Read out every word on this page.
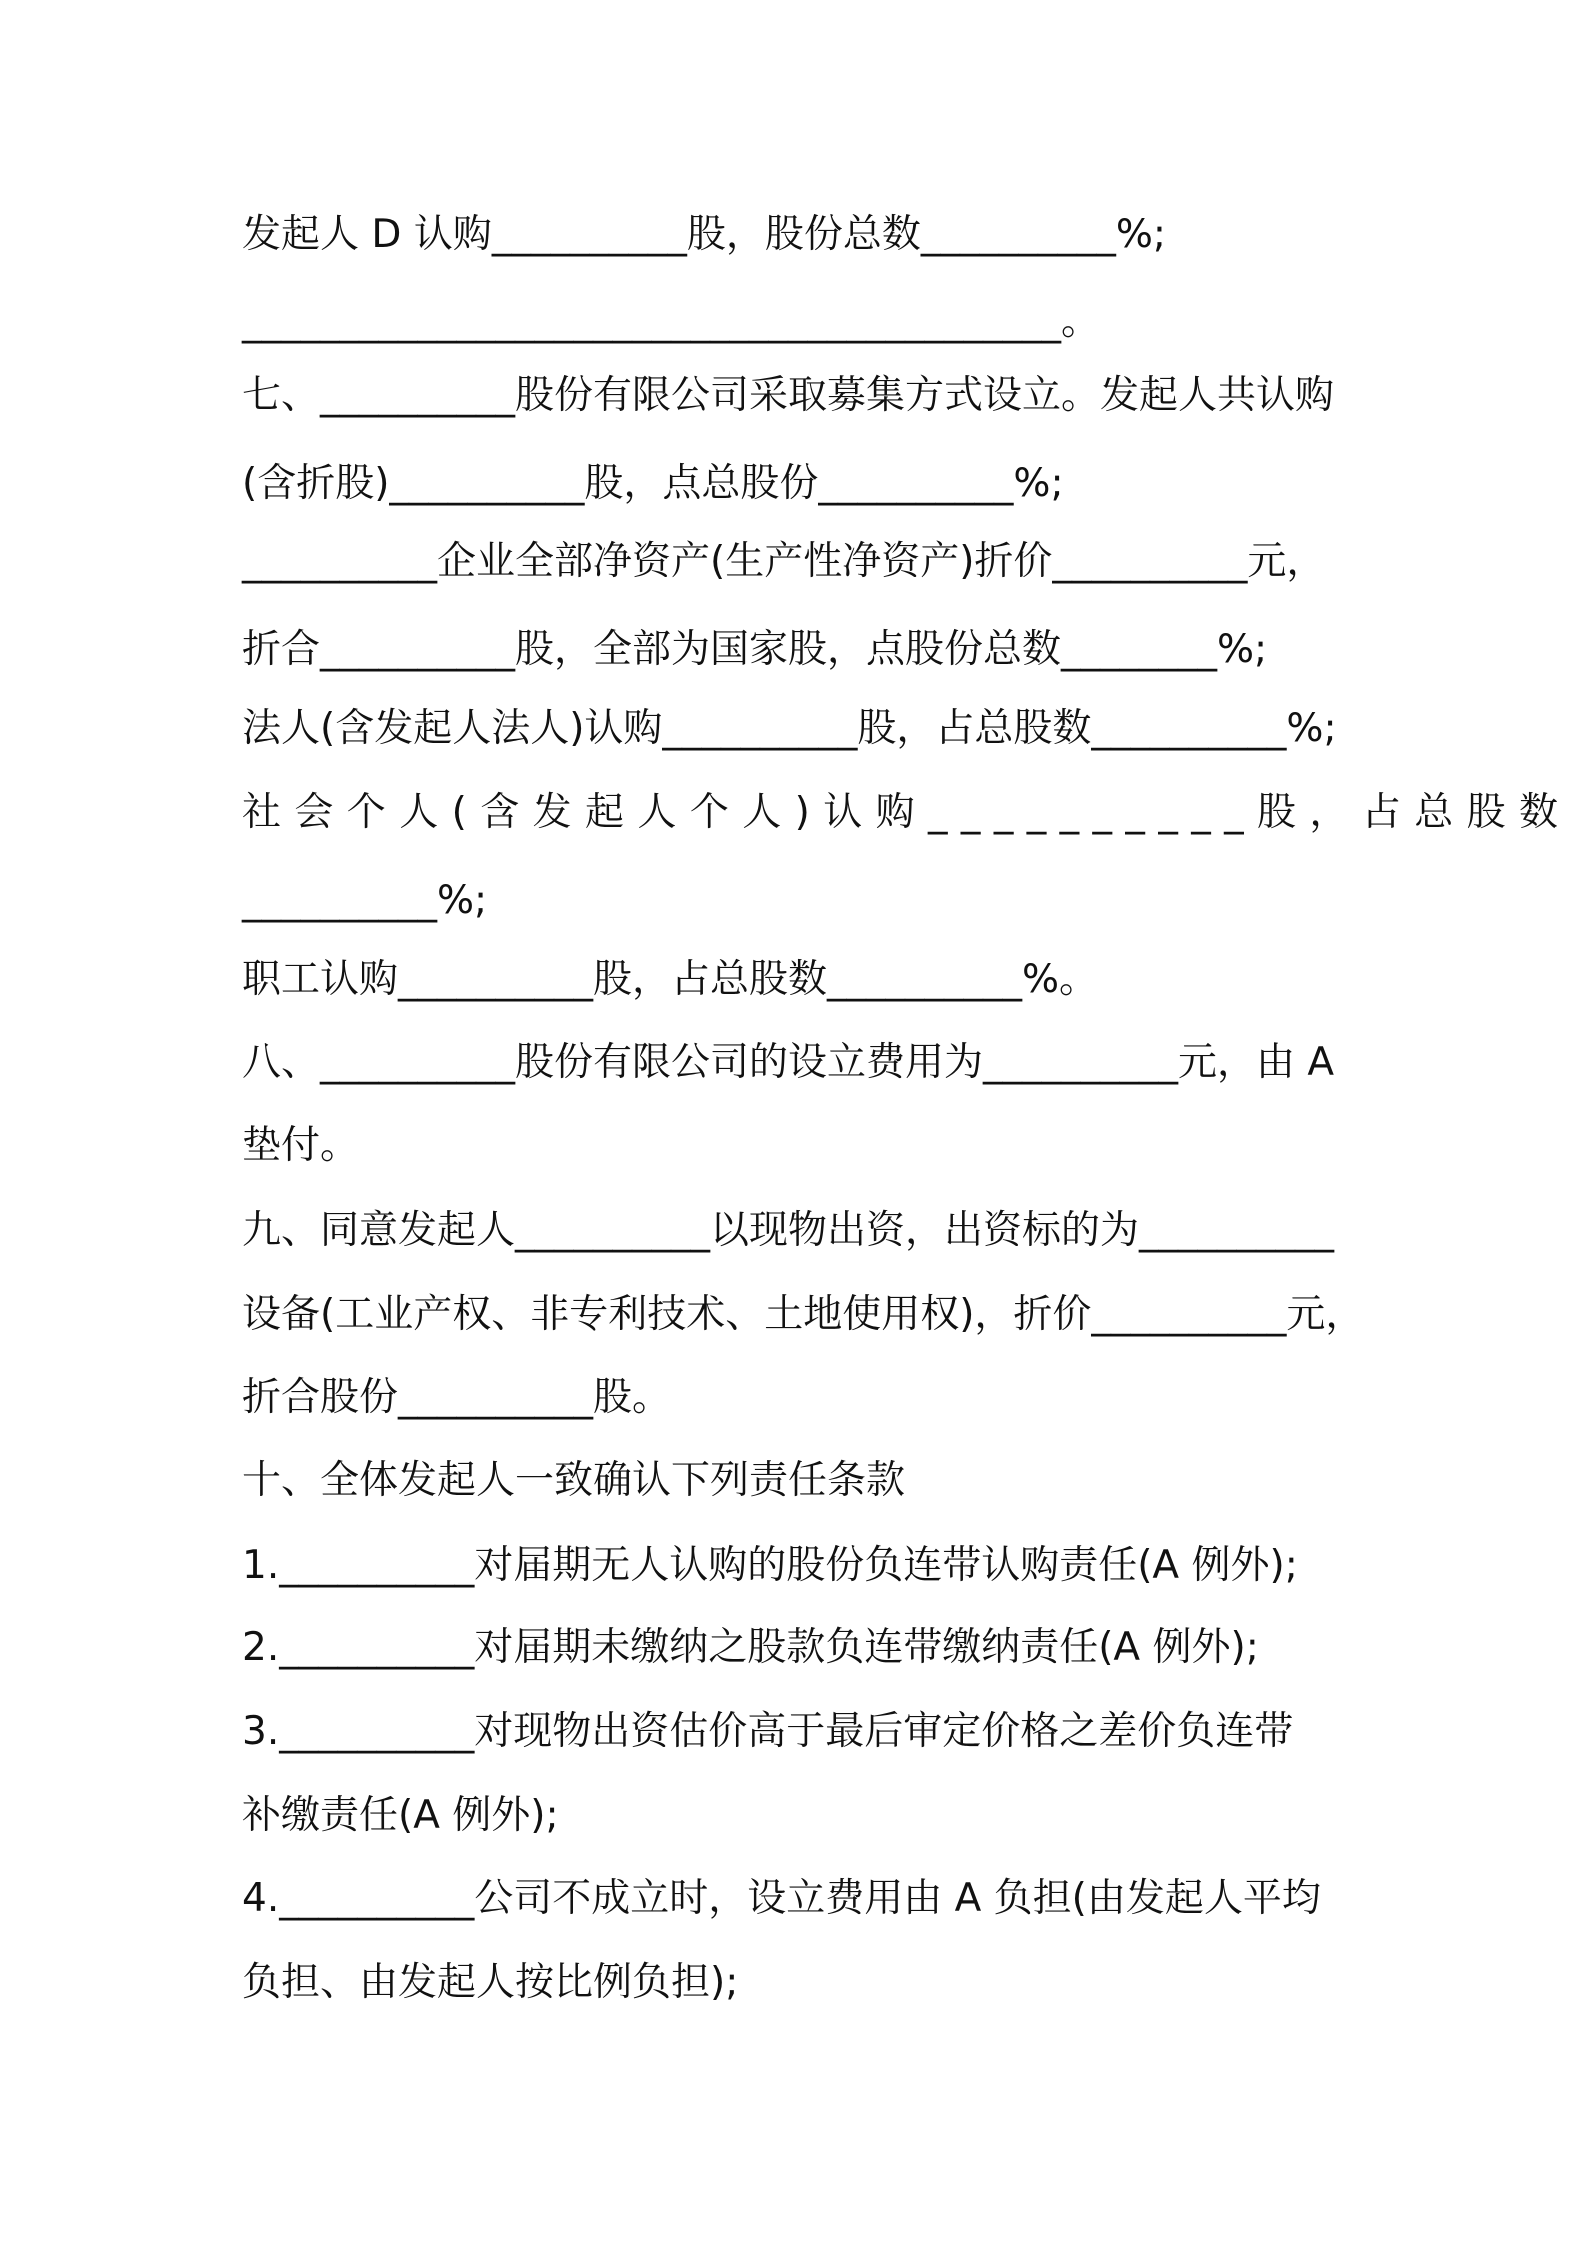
发起人 D 认购__________股，股份总数__________%;
__________________________________________。
七、__________股份有限公司采取募集方式设立。发起人共认购
(含折股)__________股，点总股份__________%;
__________企业全部净资产(生产性净资产)折价__________元，
折合__________股，全部为国家股，点股份总数________%;
法人(含发起人法人)认购__________股，占总股数__________%;
社会个人(含发起人个人)认购__________股，占总股数
__________%;
职工认购__________股，占总股数__________%。
八、__________股份有限公司的设立费用为__________元，由 A
垫付。
九、同意发起人__________以现物出资，出资标的为__________
设备(工业产权、非专利技术、土地使用权)，折价__________元，
折合股份__________股。
十、全体发起人一致确认下列责任条款
1.__________对届期无人认购的股份负连带认购责任(A 例外);
2.__________对届期未缴纳之股款负连带缴纳责任(A 例外);
3.__________对现物出资估价高于最后审定价格之差价负连带
补缴责任(A 例外);
4.__________公司不成立时，设立费用由 A 负担(由发起人平均
负担、由发起人按比例负担);
